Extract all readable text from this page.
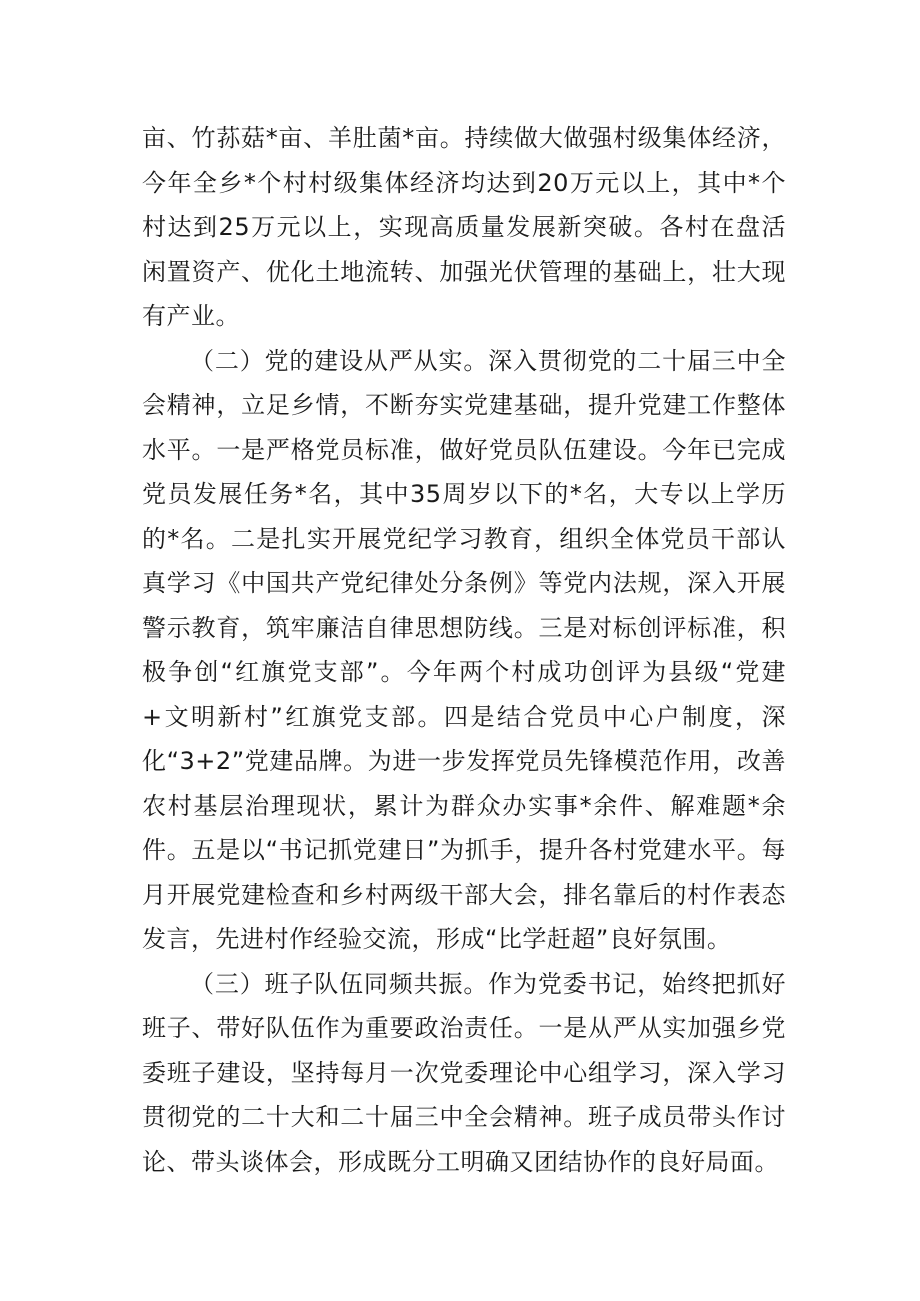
亩、竹荪菇*亩、羊肚菌*亩。持续做大做强村级集体经济，今年全乡*个村村级集体经济均达到20万元以上，其中*个村达到25万元以上，实现高质量发展新突破。各村在盘活闲置资产、优化土地流转、加强光伏管理的基础上，壮大现有产业。

（二）党的建设从严从实。深入贯彻党的二十届三中全会精神，立足乡情，不断夯实党建基础，提升党建工作整体水平。一是严格党员标准，做好党员队伍建设。今年已完成党员发展任务*名，其中35周岁以下的*名，大专以上学历的*名。二是扎实开展党纪学习教育，组织全体党员干部认真学习《中国共产党纪律处分条例》等党内法规，深入开展警示教育，筑牢廉洁自律思想防线。三是对标创评标准，积极争创“红旗党支部”。今年两个村成功创评为县级“党建+文明新村”红旗党支部。四是结合党员中心户制度，深化“3+2”党建品牌。为进一步发挥党员先锋模范作用，改善农村基层治理现状，累计为群众办实事*余件、解难题*余件。五是以“书记抓党建日”为抓手，提升各村党建水平。每月开展党建检查和乡村两级干部大会，排名靠后的村作表态发言，先进村作经验交流，形成“比学赶超”良好氛围。

（三）班子队伍同频共振。作为党委书记，始终把抓好班子、带好队伍作为重要政治责任。一是从严从实加强乡党委班子建设，坚持每月一次党委理论中心组学习，深入学习贯彻党的二十大和二十届三中全会精神。班子成员带头作讨论、带头谈体会，形成既分工明确又团结协作的良好局面。
